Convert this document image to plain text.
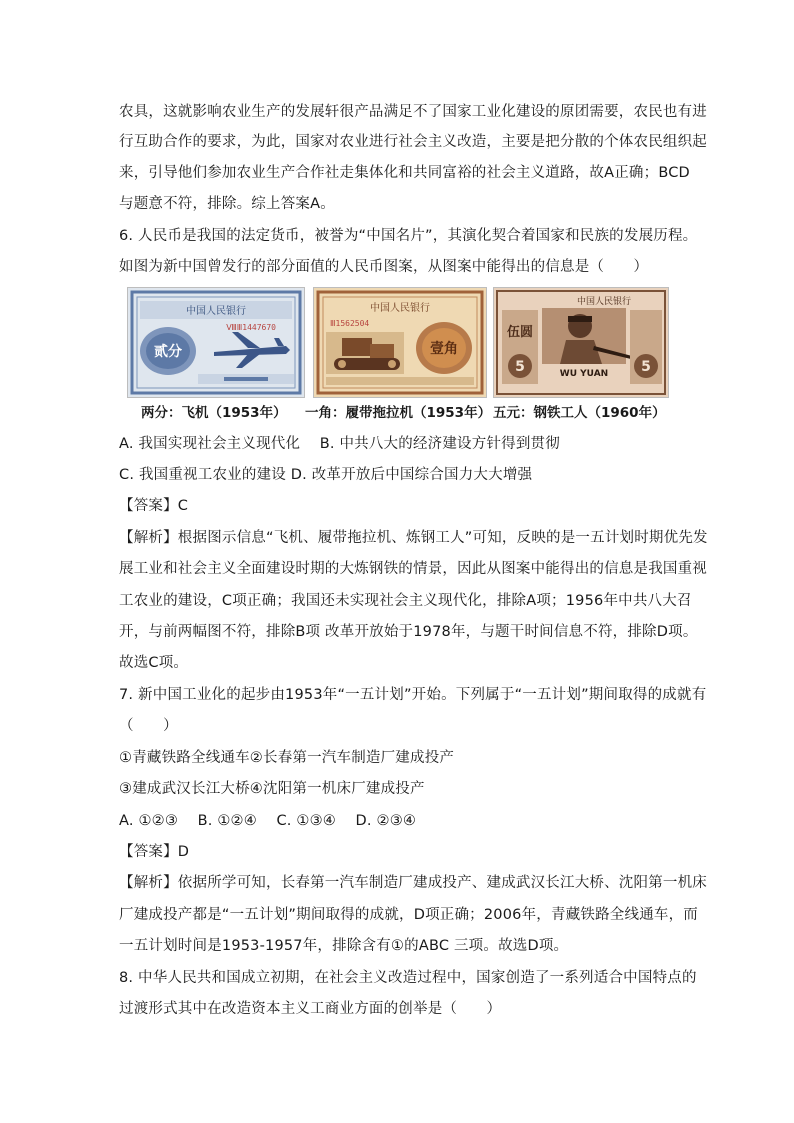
农具，这就影响农业生产的发展轩很产品满足不了国家工业化建设的原团需要，农民也有进
行互助合作的要求，为此，国家对农业进行社会主义改造，主要是把分散的个体农民组织起
来，引导他们参加农业生产合作社走集体化和共同富裕的社会主义道路，故A正确；BCD
与题意不符，排除。综上答案A。
6. 人民币是我国的法定货币，被誉为“中国名片”，其演化契合着国家和民族的发展历程。
如图为新中国曾发行的部分面值的人民币图案，从图案中能得出的信息是（　　）
中国人民银行
ⅧⅢ1447670
贰分
中国人民银行
Ⅲ1562504
壹角
中国人民银行
伍圆
5	WU YUAN 5
两分：飞机（1953年） 一角：履带拖拉机（1953年） 五元：钢铁工人（1960年）
A. 我国实现社会主义现代化　 B. 中共八大的经济建设方针得到贯彻
C. 我国重视工农业的建设 D. 改革开放后中国综合国力大大增强
【答案】C
【解析】根据图示信息“飞机、履带拖拉机、炼钢工人”可知，反映的是一五计划时期优先发
展工业和社会主义全面建设时期的大炼钢铁的情景，因此从图案中能得出的信息是我国重视
工农业的建设，C项正确；我国还未实现社会主义现代化，排除A项；1956年中共八大召
开，与前两幅图不符，排除B项 改革开放始于1978年，与题干时间信息不符，排除D项。
故选C项。
7. 新中国工业化的起步由1953年“一五计划”开始。下列属于“一五计划”期间取得的成就有
（　　）
①青藏铁路全线通车②长春第一汽车制造厂建成投产
③建成武汉长江大桥④沈阳第一机床厂建成投产
A. ①②③　 B. ①②④　 C. ①③④　 D. ②③④
【答案】D
【解析】依据所学可知，长春第一汽车制造厂建成投产、建成武汉长江大桥、沈阳第一机床
厂建成投产都是“一五计划”期间取得的成就，D项正确；2006年，青藏铁路全线通车，而
一五计划时间是1953-1957年，排除含有①的ABC 三项。故选D项。
8. 中华人民共和国成立初期，在社会主义改造过程中，国家创造了一系列适合中国特点的
过渡形式其中在改造资本主义工商业方面的创举是（　　）
